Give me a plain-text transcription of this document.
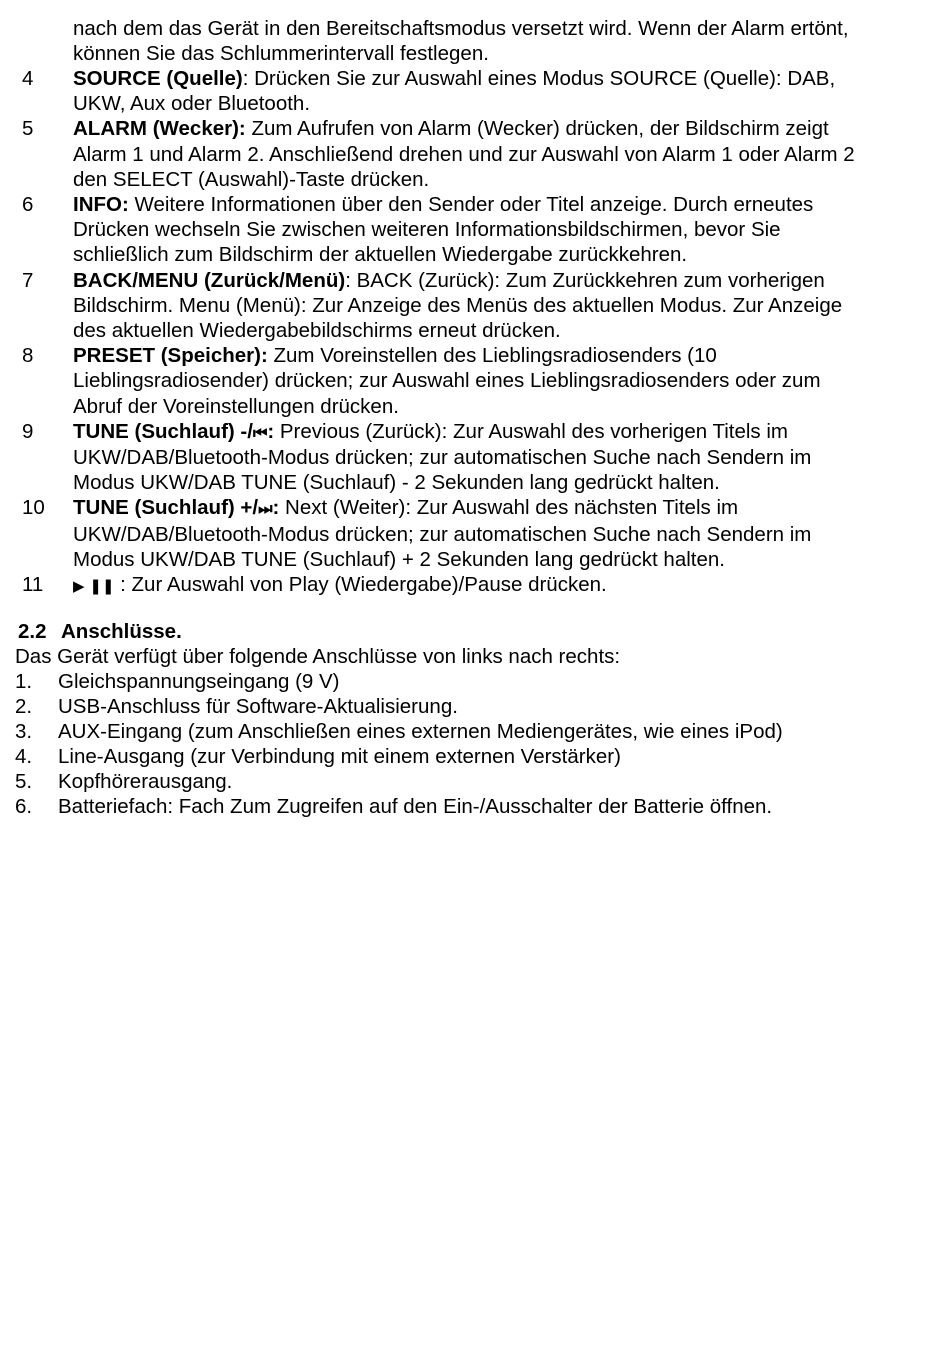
nach dem das Gerät in den Bereitschaftsmodus versetzt wird. Wenn der Alarm ertönt, können Sie das Schlummerintervall festlegen.
4 SOURCE (Quelle): Drücken Sie zur Auswahl eines Modus SOURCE (Quelle): DAB, UKW, Aux oder Bluetooth.
5 ALARM (Wecker): Zum Aufrufen von Alarm (Wecker) drücken, der Bildschirm zeigt Alarm 1 und Alarm 2. Anschließend drehen und zur Auswahl von Alarm 1 oder Alarm 2 den SELECT (Auswahl)-Taste drücken.
6 INFO: Weitere Informationen über den Sender oder Titel anzeige. Durch erneutes Drücken wechseln Sie zwischen weiteren Informationsbildschirmen, bevor Sie schließlich zum Bildschirm der aktuellen Wiedergabe zurückkehren.
7 BACK/MENU (Zurück/Menü): BACK (Zurück): Zum Zurückkehren zum vorherigen Bildschirm. Menu (Menü): Zur Anzeige des Menüs des aktuellen Modus. Zur Anzeige des aktuellen Wiedergabebildschirms erneut drücken.
8 PRESET (Speicher): Zum Voreinstellen des Lieblingsradiosenders (10 Lieblingsradiosender) drücken; zur Auswahl eines Lieblingsradiosenders oder zum Abruf der Voreinstellungen drücken.
9 TUNE (Suchlauf) -/⏮: Previous (Zurück): Zur Auswahl des vorherigen Titels im UKW/DAB/Bluetooth-Modus drücken; zur automatischen Suche nach Sendern im Modus UKW/DAB TUNE (Suchlauf) - 2 Sekunden lang gedrückt halten.
10 TUNE (Suchlauf) +/⏭: Next (Weiter): Zur Auswahl des nächsten Titels im UKW/DAB/Bluetooth-Modus drücken; zur automatischen Suche nach Sendern im Modus UKW/DAB TUNE (Suchlauf) + 2 Sekunden lang gedrückt halten.
11 ▶ ❚❚ : Zur Auswahl von Play (Wiedergabe)/Pause drücken.
2.2 Anschlüsse.
Das Gerät verfügt über folgende Anschlüsse von links nach rechts:
1. Gleichspannungseingang (9 V)
2. USB-Anschluss für Software-Aktualisierung.
3. AUX-Eingang (zum Anschließen eines externen Mediengerätes, wie eines iPod)
4. Line-Ausgang (zur Verbindung mit einem externen Verstärker)
5. Kopfhörerausgang.
6. Batteriefach: Fach Zum Zugreifen auf den Ein-/Ausschalter der Batterie öffnen.
